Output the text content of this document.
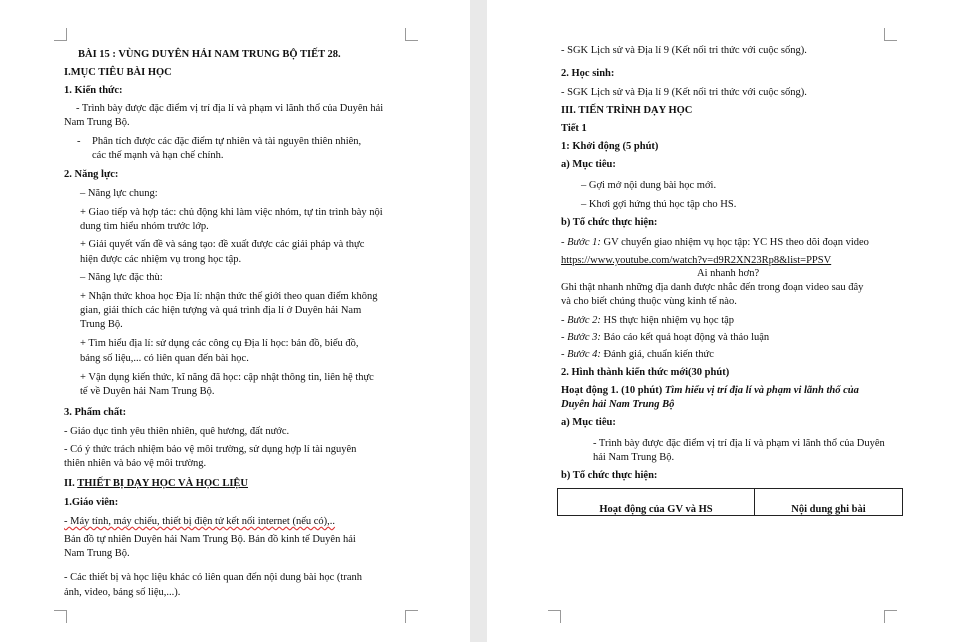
BÀI 15 : VÙNG DUYÊN HẢI NAM TRUNG BỘ TIẾT 28.
I.MỤC TIÊU BÀI HỌC
1. Kiến thức:
- Trình bày được đặc điểm vị trí địa lí và phạm vi lãnh thổ của Duyên hải
Nam Trung Bộ.
- Phân tích được các đặc điểm tự nhiên và tài nguyên thiên nhiên,
các thế mạnh và hạn chế chính.
2. Năng lực:
– Năng lực chung:
+ Giao tiếp và hợp tác: chủ động khi làm việc nhóm, tự tin trình bày nội
dung tìm hiểu nhóm trước lớp.
+ Giải quyết vấn đề và sáng tạo: đề xuất được các giải pháp và thực
hiện được các nhiệm vụ trong học tập.
– Năng lực đặc thù:
+ Nhận thức khoa học Địa lí: nhận thức thế giới theo quan điểm không
gian, giải thích các hiện tượng và quá trình địa lí ở Duyên hải Nam
Trung Bộ.
+ Tìm hiểu địa lí: sử dụng các công cụ Địa lí học: bản đồ, biểu đồ,
bảng số liệu,... có liên quan đến bài học.
+ Vận dụng kiến thức, kĩ năng đã học: cập nhật thông tin, liên hệ thực
tế về Duyên hải Nam Trung Bộ.
3. Phẩm chất:
- Giáo dục tình yêu thiên nhiên, quê hương, đất nước.
- Có ý thức trách nhiệm bảo vệ môi trường, sử dụng hợp lí tài nguyên
thiên nhiên và bảo vệ môi trường.
II. THIẾT BỊ DẠY HỌC VÀ HỌC LIỆU
1.Giáo viên:
- Máy tính, máy chiếu, thiết bị điện tử kết nối internet (nếu có),..
Bản đồ tự nhiên Duyên hải Nam Trung Bộ. Bản đồ kinh tế Duyên hải
Nam Trung Bộ.
- Các thiết bị và học liệu khác có liên quan đến nội dung bài học (tranh
ảnh, video, bảng số liệu,...).
- SGK Lịch sử và Địa lí 9 (Kết nối tri thức với cuộc sống).
2. Học sinh:
- SGK Lịch sử và Địa lí 9 (Kết nối tri thức với cuộc sống).
III. TIẾN TRÌNH DẠY HỌC
Tiết 1
1: Khởi động (5 phút)
a) Mục tiêu:
– Gợi mở nội dung bài học mới.
– Khơi gợi hứng thú học tập cho HS.
b) Tổ chức thực hiện:
- Bước 1: GV chuyển giao nhiệm vụ học tập: YC HS theo dõi đoạn video
https://www.youtube.com/watch?v=d9R2XN23Rp8&list=PPSV
Ai nhanh hơn?
Ghi thật nhanh những địa danh được nhắc đến trong đoạn video sau đây
và cho biết chúng thuộc vùng kinh tế nào.
- Bước 2: HS thực hiện nhiệm vụ học tập
- Bước 3: Báo cáo kết quả hoạt động và thảo luận
- Bước 4: Đánh giá, chuẩn kiến thức
2. Hình thành kiến thức mới(30 phút)
Hoạt động 1. (10 phút) Tìm hiểu vị trí địa lí và phạm vi lãnh thổ của
Duyên hải Nam Trung Bộ
a) Mục tiêu:
- Trình bày được đặc điểm vị trí địa lí và phạm vi lãnh thổ của Duyên
hải Nam Trung Bộ.
b) Tổ chức thực hiện:
Hoạt động của GV và HS	Nội dung ghi bài
